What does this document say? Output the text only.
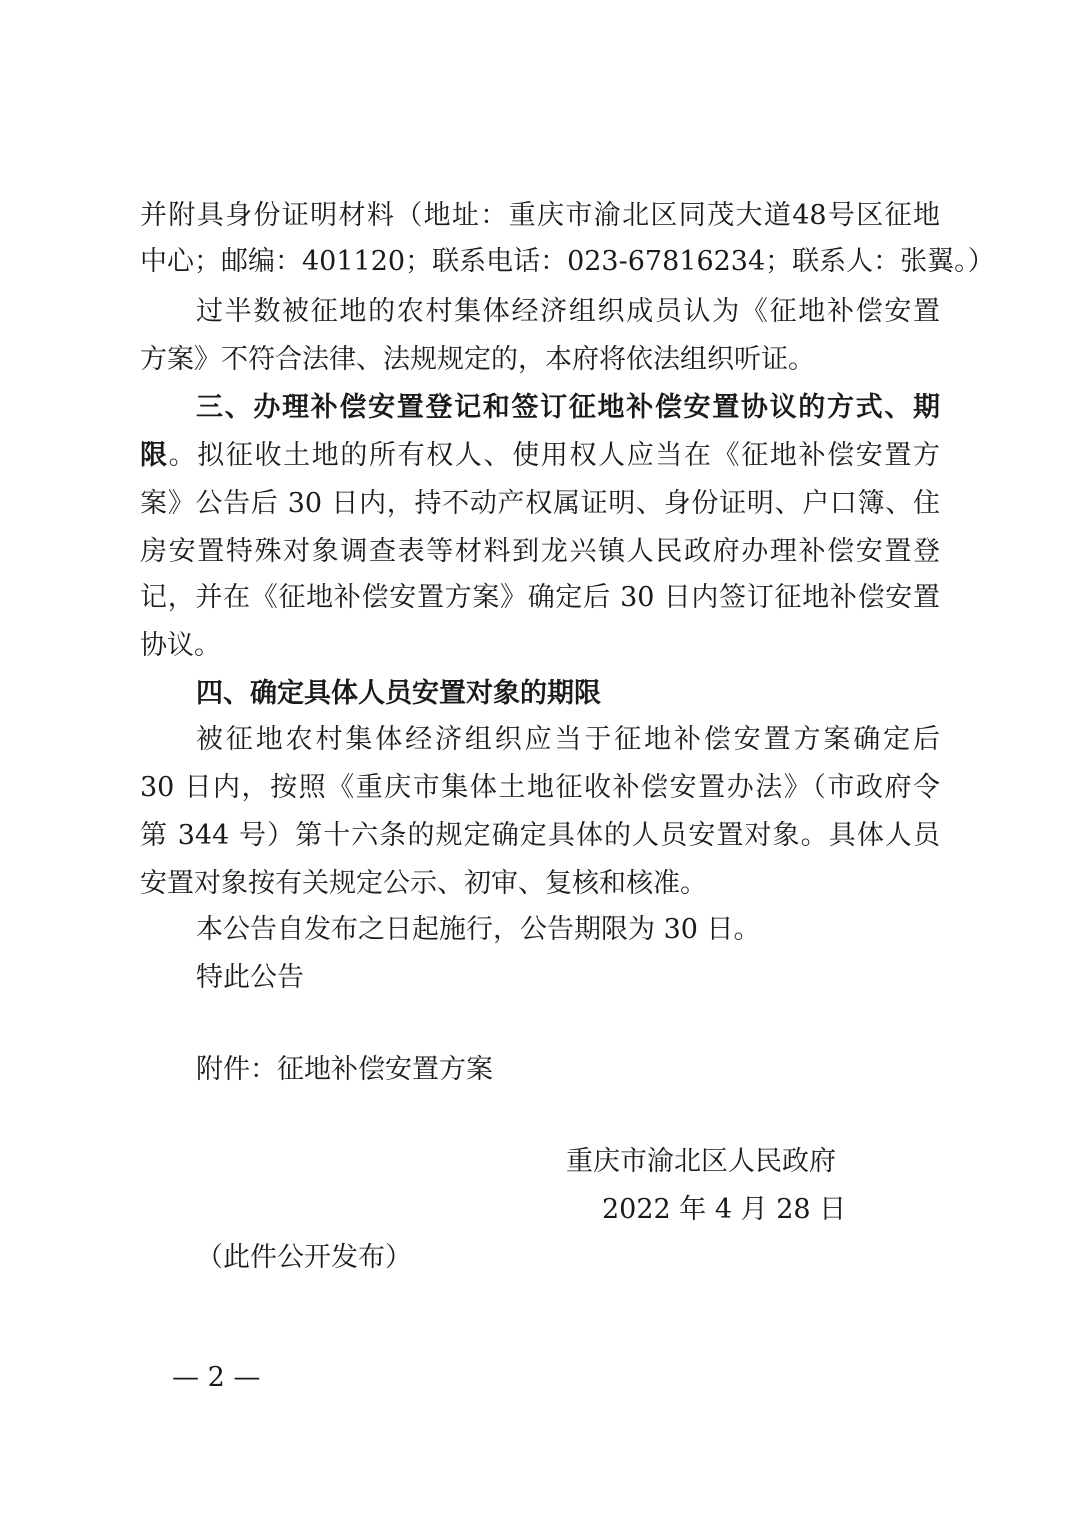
并附具身份证明材料（地址：重庆市渝北区同茂大道48号区征地
中心；邮编：401120；联系电话：023-67816234；联系人：张翼。）
过半数被征地的农村集体经济组织成员认为《征地补偿安置
方案》不符合法律、法规规定的，本府将依法组织听证。
三、办理补偿安置登记和签订征地补偿安置协议的方式、期
限。拟征收土地的所有权人、使用权人应当在《征地补偿安置方
案》公告后 30 日内，持不动产权属证明、身份证明、户口簿、住
房安置特殊对象调查表等材料到龙兴镇人民政府办理补偿安置登
记，并在《征地补偿安置方案》确定后 30 日内签订征地补偿安置
协议。
四、确定具体人员安置对象的期限
被征地农村集体经济组织应当于征地补偿安置方案确定后
30 日内，按照《重庆市集体土地征收补偿安置办法》（市政府令
第 344 号）第十六条的规定确定具体的人员安置对象。具体人员
安置对象按有关规定公示、初审、复核和核准。
本公告自发布之日起施行，公告期限为 30 日。
特此公告
附件：征地补偿安置方案
重庆市渝北区人民政府
2022 年 4 月 28 日
（此件公开发布）
— 2 —
